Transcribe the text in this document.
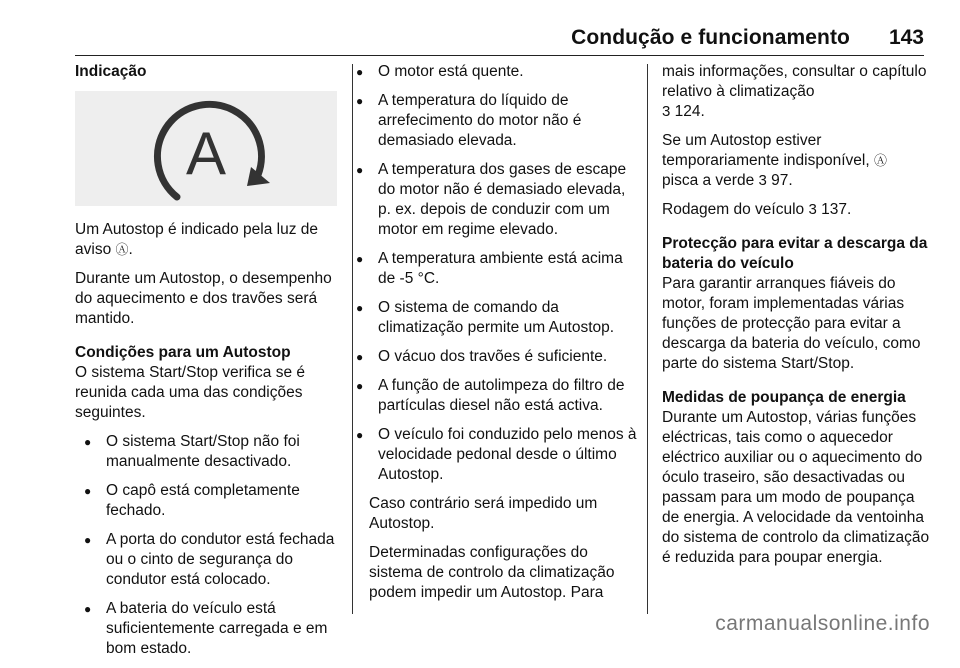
Condução e funcionamento 143

Indicação

A

Um Autostop é indicado pela luz de aviso Ⓐ.

Durante um Autostop, o desempenho do aquecimento e dos travões será mantido.

Condições para um Autostop

O sistema Start/Stop verifica se é reunida cada uma das condições seguintes.

● O sistema Start/Stop não foi manualmente desactivado.
● O capô está completamente fechado.
● A porta do condutor está fechada ou o cinto de segurança do condutor está colocado.
● A bateria do veículo está suficientemente carregada e em bom estado.
● O motor está quente.
● A temperatura do líquido de arrefecimento do motor não é demasiado elevada.
● A temperatura dos gases de escape do motor não é demasiado elevada, p. ex. depois de conduzir com um motor em regime elevado.
● A temperatura ambiente está acima de -5 °C.
● O sistema de comando da climatização permite um Autostop.
● O vácuo dos travões é suficiente.
● A função de autolimpeza do filtro de partículas diesel não está activa.
● O veículo foi conduzido pelo menos à velocidade pedonal desde o último Autostop.

Caso contrário será impedido um Autostop.

Determinadas configurações do sistema de controlo da climatização podem impedir um Autostop. Para

mais informações, consultar o capítulo relativo à climatização
3 124.

Se um Autostop estiver temporariamente indisponível, Ⓐ
pisca a verde 3 97.

Rodagem do veículo 3 137.

Protecção para evitar a descarga da bateria do veículo

Para garantir arranques fiáveis do motor, foram implementadas várias funções de protecção para evitar a descarga da bateria do veículo, como parte do sistema Start/Stop.

Medidas de poupança de energia

Durante um Autostop, várias funções eléctricas, tais como o aquecedor eléctrico auxiliar ou o aquecimento do óculo traseiro, são desactivadas ou passam para um modo de poupança de energia. A velocidade da ventoinha do sistema de controlo da climatização é reduzida para poupar energia.

carmanualsonline.info
